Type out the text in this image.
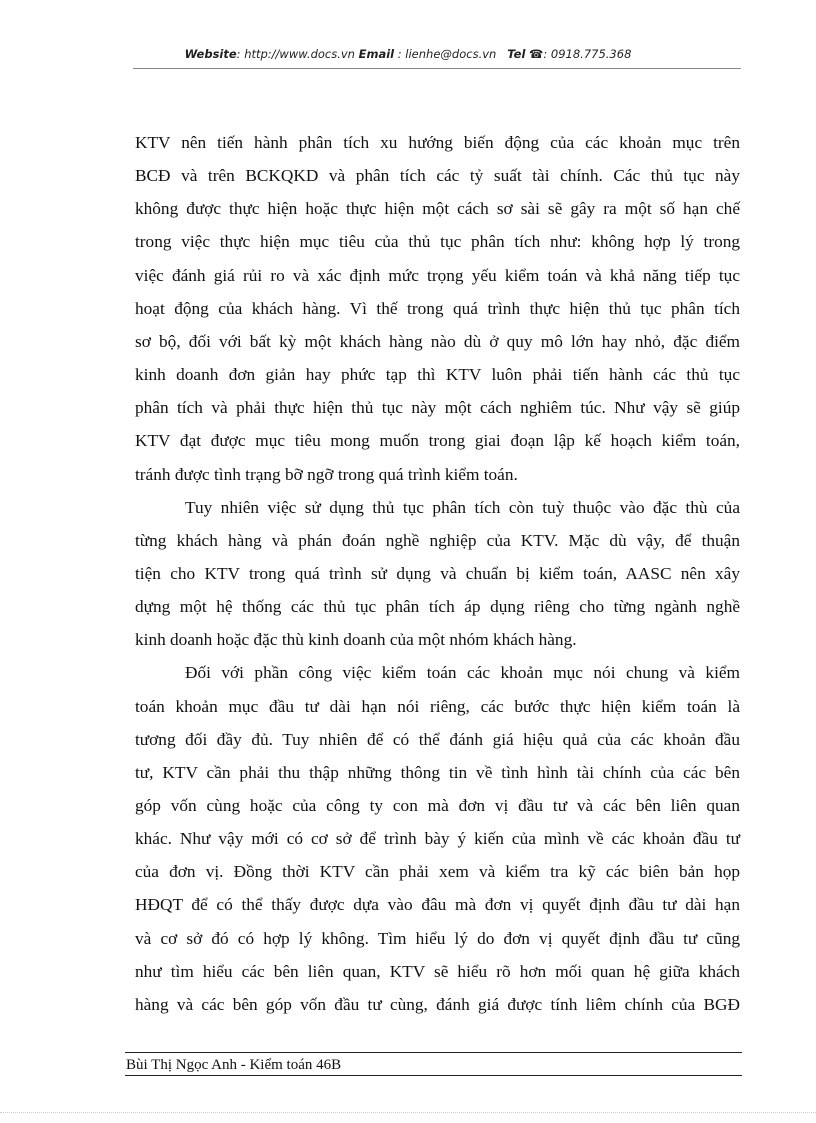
Website: http://www.docs.vn Email : lienhe@docs.vn Tel ☎: 0918.775.368
KTV nên tiến hành phân tích xu hướng biến động của các khoản mục trên
BCĐ và trên BCKQKD và phân tích các tỷ suất tài chính. Các thủ tục này
không được thực hiện hoặc thực hiện một cách sơ sài sẽ gây ra một số hạn chế
trong việc thực hiện mục tiêu của thủ tục phân tích như: không hợp lý trong
việc đánh giá rủi ro và xác định mức trọng yếu kiểm toán và khả năng tiếp tục
hoạt động của khách hàng. Vì thế trong quá trình thực hiện thủ tục phân tích
sơ bộ, đối với bất kỳ một khách hàng nào dù ở quy mô lớn hay nhỏ, đặc điểm
kinh doanh đơn giản hay phức tạp thì KTV luôn phải tiến hành các thủ tục
phân tích và phải thực hiện thủ tục này một cách nghiêm túc. Như vậy sẽ giúp
KTV đạt được mục tiêu mong muốn trong giai đoạn lập kế hoạch kiểm toán,
tránh được tình trạng bỡ ngỡ trong quá trình kiểm toán.
Tuy nhiên việc sử dụng thủ tục phân tích còn tuỳ thuộc vào đặc thù của
từng khách hàng và phán đoán nghề nghiệp của KTV. Mặc dù vậy, để thuận
tiện cho KTV trong quá trình sử dụng và chuẩn bị kiểm toán, AASC nên xây
dựng một hệ thống các thủ tục phân tích áp dụng riêng cho từng ngành nghề
kinh doanh hoặc đặc thù kinh doanh của một nhóm khách hàng.
Đối với phần công việc kiểm toán các khoản mục nói chung và kiểm
toán khoản mục đầu tư dài hạn nói riêng, các bước thực hiện kiểm toán là
tương đối đầy đủ. Tuy nhiên để có thể đánh giá hiệu quả của các khoản đầu
tư, KTV cần phải thu thập những thông tin về tình hình tài chính của các bên
góp vốn cùng hoặc của công ty con mà đơn vị đầu tư và các bên liên quan
khác. Như vậy mới có cơ sở để trình bày ý kiến của mình về các khoản đầu tư
của đơn vị. Đồng thời KTV cần phải xem và kiểm tra kỹ các biên bản họp
HĐQT để có thể thấy được dựa vào đâu mà đơn vị quyết định đầu tư dài hạn
và cơ sở đó có hợp lý không. Tìm hiểu lý do đơn vị quyết định đầu tư cũng
như tìm hiểu các bên liên quan, KTV sẽ hiểu rõ hơn mối quan hệ giữa khách
hàng và các bên góp vốn đầu tư cùng, đánh giá được tính liêm chính của BGĐ
Bùi Thị Ngọc Anh - Kiểm toán 46B
